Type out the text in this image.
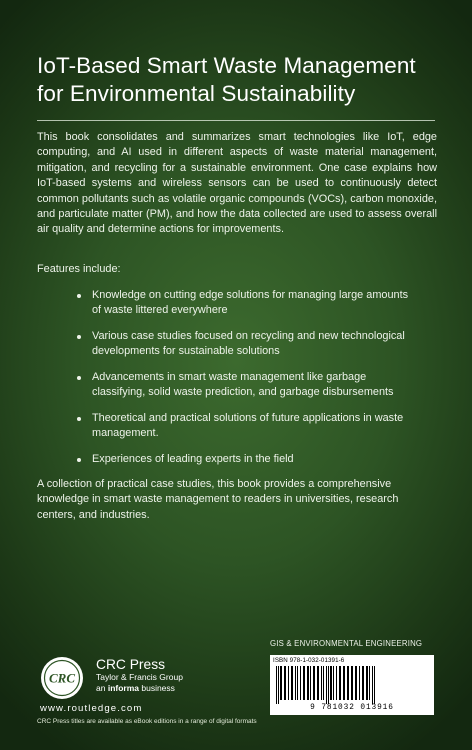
IoT-Based Smart Waste Management
for Environmental Sustainability

This book consolidates and summarizes smart technologies like IoT, edge computing, and AI used in different aspects of waste material management, mitigation, and recycling for a sustainable environment. One case explains how IoT-based systems and wireless sensors can be used to continuously detect common pollutants such as volatile organic compounds (VOCs), carbon monoxide, and particulate matter (PM), and how the data collected are used to assess overall air quality and determine actions for improvements.

Features include:

Knowledge on cutting edge solutions for managing large amounts of waste littered everywhere
Various case studies focused on recycling and new technological developments for sustainable solutions
Advancements in smart waste management like garbage classifying, solid waste prediction, and garbage disbursements
Theoretical and practical solutions of future applications in waste management.
Experiences of leading experts in the field

A collection of practical case studies, this book provides a comprehensive knowledge in smart waste management to readers in universities, research centers, and industries.

GIS & ENVIRONMENTAL ENGINEERING

ISBN 978-1-032-01391-6

9 781032 013916

CRC

CRC Press

Taylor & Francis Group

an informa business

www.routledge.com

CRC Press titles are available as eBook editions in a range of digital formats
